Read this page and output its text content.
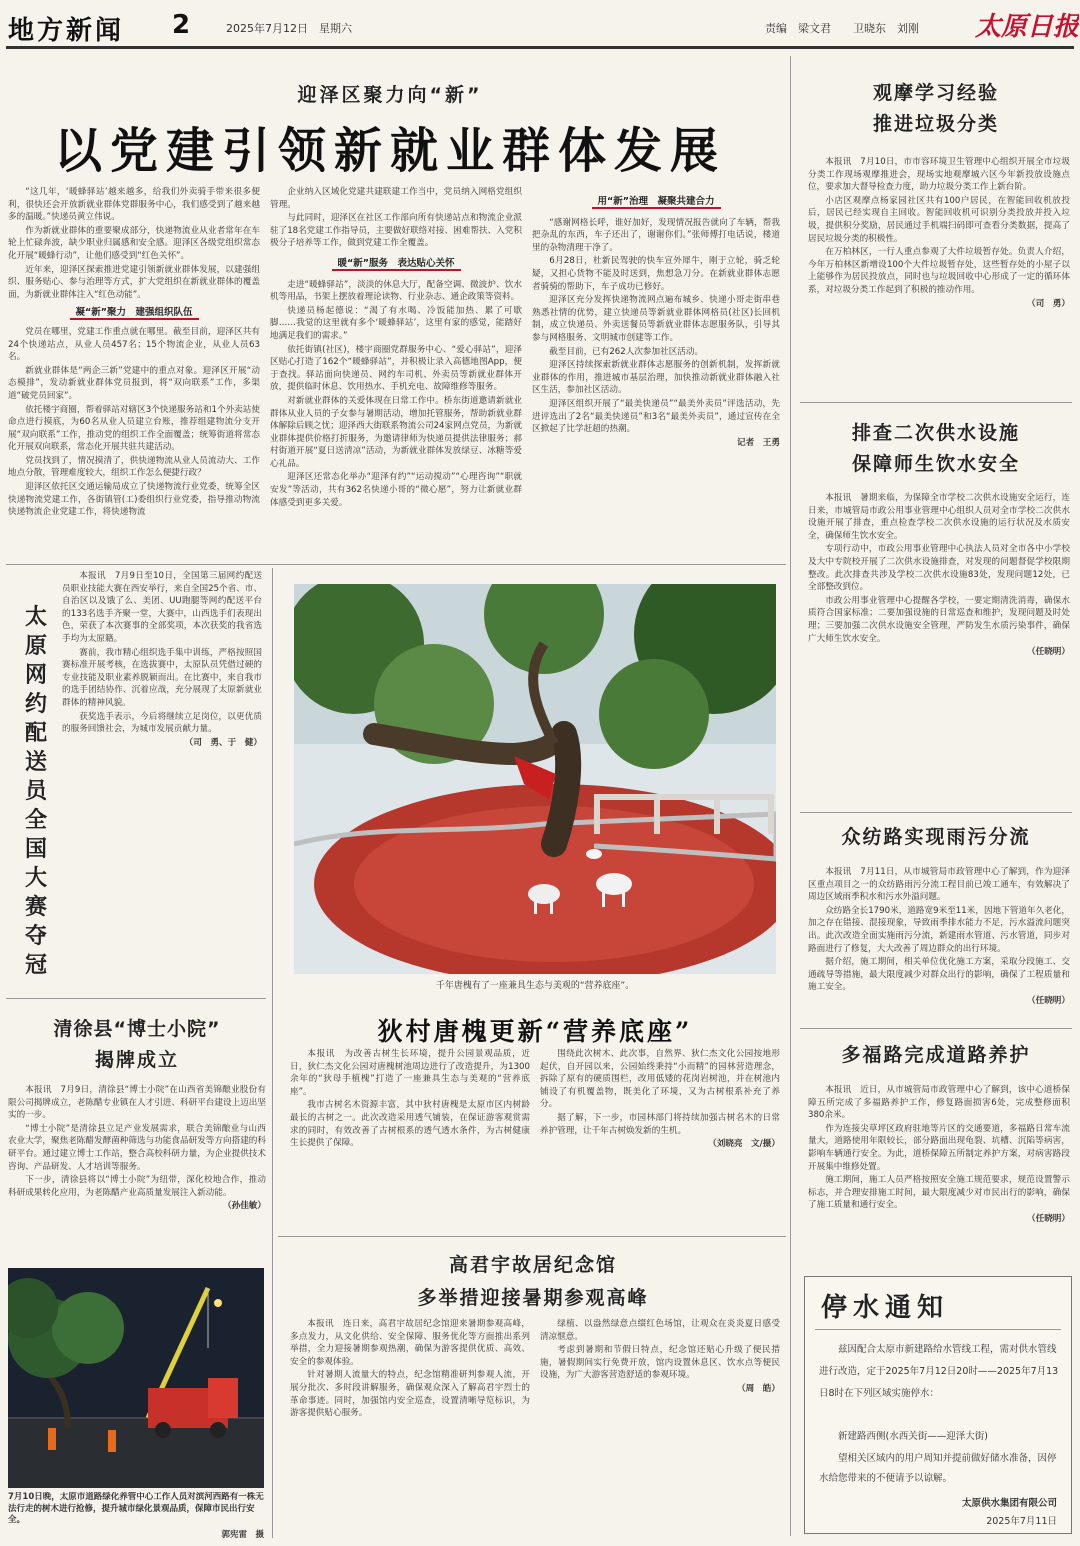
地方新闻 2	2025年7月12日　星期六	责编　梁文君　　卫晓东　刘刚	太原日报
迎泽区聚力向“新”
以党建引领新就业群体发展

“这几年，‘暖蜂驿站’越来越多，给我们外卖骑手带来很多便利，很快还会开放新就业群体党群服务中心，我们感受到了越来越多的温暖。”快递员黄立伟说。

作为新就业群体的重要聚成部分，快递物流业从业者常年在车轮上忙碌奔波，缺少职业归属感和安全感。迎泽区各级党组织常态化开展“暖蜂行动”，让他们感受到“红色关怀”。

近年来，迎泽区探索推进党建引领新就业群体发展，以建强组织、服务贴心、参与治理等方式，扩大党组织在新就业群体的覆盖面，为新就业群体注入“红色动能”。

凝“新”聚力　建强组织队伍

党员在哪里，党建工作重点就在哪里。截至目前，迎泽区共有24个快递站点，从业人员457名；15个物流企业，从业人员63名。

新就业群体是“两企三新”党建中的重点对象。迎泽区开展“动态模排”，发动新就业群体党员报到，将“双向联系”工作，多渠道“破党员回家”。

依托楼宇商圈，帮着驿站对辖区3个快递服务站和1个外卖站使命点进行摸底，为60名从业人员建立台账，推荐组建物流分支开展“双向联系”工作，推动党的组织工作全面覆盖；统筹街道将常态化开展双向联系，常态化开展共驻共建活动。

党员找到了，情况摸清了，供快递物流从业人员流动大、工作地点分散，管理难度较大，组织工作怎么便捷行政？

迎泽区依托区交通运输局成立了快递物流行业党委，统筹全区快递物流党建工作，各街镇管(工)委组织行业党委，指导推动物流快递物流企业党建工作，将快递物流

企业纳入区域化党建共建联建工作当中，党员纳入网格党组织管理。

与此同时，迎泽区在社区工作部向所有快递站点和物流企业派驻了18名党建工作指导员，主要做好联络对接、困难帮扶、入党积极分子培养等工作，做到党建工作全覆盖。

暖“新”服务　表达贴心关怀

走进“暖蜂驿站”，淡淡的休息大厅，配备空调、微波炉、饮水机等用品，书架上摆放着理论读物、行业杂志、通企政策等资料。

快递员杨起德说：“渴了有水喝、冷饭能加热、累了可歇脚……我觉的这里就有多个‘暖蜂驿站’，这里有家的感觉，能踏好地满足我们的需求。”

依托街镇(社区)，楼宇商圈党群服务中心、“爱心驿站”，迎泽区贴心打造了162个“暖蜂驿站”，并积极让录入高德地图App，便于查找。驿站面向快递员、网约车司机、外卖员等新就业群体开放，提供临时休息、饮用热水、手机充电、故障维修等服务。

对新就业群体的关爱体现在日常工作中。桥东街道邀请新就业群体从业人员的子女参与暑期活动，增加托管服务，帮助新就业群体解除后顾之忧；迎泽西大街联系物流公司24家网点党员，为新就业群体提供价格打折服务，为邀请律师为快递员提供法律服务；郝村街道开展“夏日送清凉”活动，为新就业群体发放绿豆、冰糖等爱心礼品。

迎泽区还常态化举办“迎泽有约”“运动搅动”“心理咨询”“职就安发”等活动，共有362名快递小哥的“微心愿”，努力让新就业群体感受到更多关爱。

用“新”治理　凝聚共建合力

“感谢网格长呼，谁好加好，发现情况报告就向了车辆，帮我把杂乱的东西，车子还出了，谢谢你们。”张师傅打电话说，楼道里的杂物清理干净了。

6月28日，杜新民驾驶的快车宣外犀牛，刚于立轮，骑乏轮疑，又担心货物不能及时送到，焦想急刀分。在新就业群体志愿者骑骑的帮助下，车子成功已修好。

迎泽区充分发挥快递物流网点遍布城乡、快递小哥走街串巷熟悉社情的优势，建立快递员等新就业群体网格员(社区)长回机制，成立快递员、外卖送餐员等新就业群体志愿服务队，引导其参与网格服务、文明城市创建等工作。

截至目前，已有262人次参加社区活动。

迎泽区持续探索新就业群体志愿服务的创新机制，发挥新就业群体的作用，推进城市基层治理，加快推动新就业群体融入社区生活，参加社区活动。

迎泽区组织开展了“最美快递员”“最美外卖员”评选活动，先进评选出了2名“最美快递员”和3名“最美外卖员”，通过宣传在全区掀起了比学赶超的热潮。

记者　王勇
观摩学习经验
推进垃圾分类

本报讯　7月10日，市市容环境卫生管理中心组织开展全市垃圾分类工作现场观摩推进会，现场实地观摩城六区今年新投放设施点位，要求加大督导检查力度，助力垃圾分类工作上新台阶。

小店区观摩点杨家园社区共有100户居民，在智能回收机放投后，居民已经实现自主回收。智能回收机可识别分类投放并投入垃圾，提供积分奖励，居民通过手机端扫码即可查看分类数据，提高了居民垃圾分类的积极性。

在万柏林区，一行人重点参观了大件垃圾暂存处。负责人介绍，今年万柏林区新增设100个大件垃圾暂存处，这些暂存处的小屋子以上能够作为居民投放点，同时也与垃圾回收中心形成了一定的循环体系，对垃圾分类工作起到了积极的推动作用。

（司　勇）
排查二次供水设施
保障师生饮水安全

本报讯　暑期来临，为保障全市学校二次供水设施安全运行，连日来，市城管局市政公用事业管理中心组织人员对全市学校二次供水设施开展了排查，重点检查学校二次供水设施的运行状况及水质安全，确保师生饮水安全。

专项行动中，市政公用事业管理中心执法人员对全市各中小学校及大中专院校开展了二次供水设施排查，对发现的问题督促学校限期整改。此次排查共涉及学校二次供水设施83处，发现问题12处，已全部整改到位。

市政公用事业管理中心提醒各学校，一要定期清洗消毒，确保水质符合国家标准；二要加强设施的日常巡查和维护，发现问题及时处理；三要加强二次供水设施安全管理，严防发生水质污染事件，确保广大师生饮水安全。

（任晓明）
众纺路实现雨污分流

本报讯　7月11日，从市城管局市政管理中心了解到，作为迎泽区重点项目之一的众纺路雨污分流工程目前已竣工通车，有效解决了周边区域雨季积水和污水外溢问题。

众纺路全长1790米，道路宽9米至11米，因地下管道年久老化，加之存在错接、混接现象，导致雨季排水能力不足，污水溢流问题突出。此次改造全面实施雨污分流，新建雨水管道、污水管道，同步对路面进行了修复，大大改善了周边群众的出行环境。

据介绍，施工期间，相关单位优化施工方案，采取分段施工、交通疏导等措施，最大限度减少对群众出行的影响，确保了工程质量和施工安全。

（任晓明）
多福路完成道路养护

本报讯　近日，从市城管局市政管理中心了解到，该中心道桥保障五所完成了多福路养护工作，修复路面损害6处，完成整修面积380余米。

作为连接尖草坪区政府驻地等片区的交通要道，多福路日常车流量大，道路使用年限较长，部分路面出现龟裂、坑槽、沉陷等病害，影响车辆通行安全。为此，道桥保障五所制定养护方案，对病害路段开展集中维修处置。

施工期间，施工人员严格按照安全施工规范要求，规范设置警示标志，并合理安排施工时间，最大限度减少对市民出行的影响，确保了施工质量和通行安全。

（任晓明）
停水通知
兹因配合太原市新建路给水管线工程，需对供水管线进行改造，定于2025年7月12日20时——2025年7月13日8时在下列区域实施停水：
新建路西侧(水西关街——迎泽大街)
望相关区域内的用户周知并提前做好储水准备，因停水给您带来的不便请予以谅解。
太原供水集团有限公司
2025年7月11日
太
原
网
约
配
送
员
全
国
大
赛
夺
冠

本报讯　7月9日至10日，全国第三届网约配送员职业技能大赛在西安举行，来自全国25个省、市、自治区以及饿了么、美团、UU跑腿等网约配送平台的133名选手齐聚一堂，大赛中，山西选手们表现出色，荣获了本次赛事的全部奖项，本次获奖的我省选手均为太原籍。

赛前，我市精心组织选手集中训练，严格按照国赛标准开展考核，在选拔赛中，太原队员凭借过硬的专业技能及职业素养脱颖而出。在比赛中，来自我市的选手团结协作、沉着应战，充分展现了太原新就业群体的精神风貌。

获奖选手表示，今后将继续立足岗位，以更优质的服务回馈社会，为城市发展贡献力量。

（司　勇、于　健）
清徐县“博士小院”
揭牌成立

本报讯　7月9日，清徐县“博士小院”在山西省美锦酿业股份有限公司揭牌成立，老陈醋专业镇在人才引进、科研平台建设上迈出坚实的一步。

“博士小院”是清徐县立足产业发展需求，联合美锦酿业与山西农业大学，聚焦老陈醋发酵菌种筛选与功能食品研发等方向搭建的科研平台。通过建立博士工作站，整合高校科研力量，为企业提供技术咨询、产品研发、人才培训等服务。

下一步，清徐县将以“博士小院”为纽带，深化校地合作，推动科研成果转化应用，为老陈醋产业高质量发展注入新动能。

（孙佳敏）
7月10日晚，太原市道路绿化养管中心工作人员对滨河西路有一株无法行走的树木进行抢修，提升城市绿化景观品质，保障市民出行安全。
郭宪雷　摄
千年唐槐有了一座兼具生态与美观的“营养底座”。
狄村唐槐更新“营养底座”

本报讯　为改善古树生长环境，提升公园景观品质，近日，狄仁杰文化公园对唐槐树池周边进行了改造提升，为1300余年的“狄母手植槐”打造了一座兼具生态与美观的“营养底座”。

我市古树名木资源丰富，其中狄村唐槐是太原市区内树龄最长的古树之一。此次改造采用透气铺装，在保证游客观赏需求的同时，有效改善了古树根系的透气透水条件，为古树健康生长提供了保障。

围绕此次树木、此次事，自然界、狄仁杰文化公园按地形起伏，自开园以来，公园始终秉持“小而精”的园林营造理念，拆除了原有的硬质围栏，改用低矮的花岗岩树池，并在树池内铺设了有机覆盖物，既美化了环境，又为古树根系补充了养分。

据了解，下一步，市园林部门将持续加强古树名木的日常养护管理，让千年古树焕发新的生机。

（刘晓亮　文/摄）
高君宇故居纪念馆
多举措迎接暑期参观高峰

本报讯　连日来，高君宇故居纪念馆迎来暑期参观高峰，多点发力，从文化供给、安全保障、服务优化等方面推出系列举措，全力迎接暑期参观热潮，确保为游客提供优质、高效、安全的参观体验。

针对暑期人流量大的特点，纪念馆精准研判参观人流，开展分批次、多时段讲解服务，确保观众深入了解高君宇烈士的革命事迹。同时，加强馆内安全巡查，设置清晰导览标识，为游客提供贴心服务。

绿植、以盎然绿意点缀红色场馆，让观众在炎炎夏日感受清凉惬意。

考虑到暑期和节假日特点，纪念馆还贴心升级了便民措施，暑假期间实行免费开放，馆内设置休息区、饮水点等便民设施，为广大游客营造舒适的参观环境。

（周　皓）
